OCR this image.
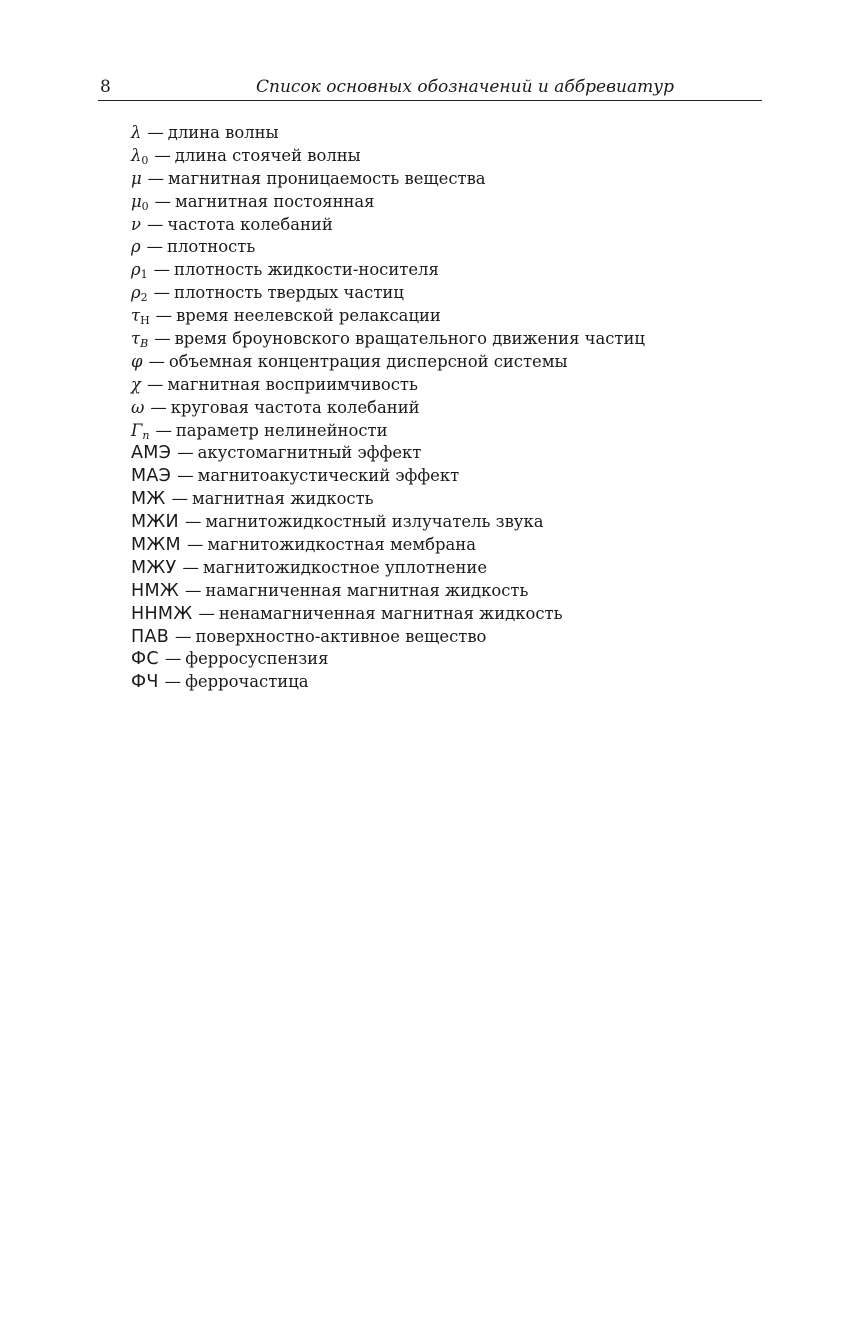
8	Список основных обозначений и аббревиатур
λ — длина волны
$\lambda_0$ — длина стоячей волны
μ — магнитная проницаемость вещества
$\mu_0$ — магнитная постоянная
ν — частота колебаний
ρ — плотность
$\rho_1$ — плотность жидкости-носителя
$\rho_2$ — плотность твердых частиц
$\tau_Н$ — время неелевской релаксации
$\tau_B$ — время броуновского вращательного движения частиц
φ — объемная концентрация дисперсной системы
χ — магнитная восприимчивость
ω — круговая частота колебаний
$\Gamma_n$ — параметр нелинейности
АМЭ — акустомагнитный эффект
МАЭ — магнитоакустический эффект
МЖ — магнитная жидкость
МЖИ — магнитожидкостный излучатель звука
МЖМ — магнитожидкостная мембрана
МЖУ — магнитожидкостное уплотнение
НМЖ — намагниченная магнитная жидкость
ННМЖ — ненамагниченная магнитная жидкость
ПАВ — поверхностно-активное вещество
ФС — ферросуспензия
ФЧ — феррочастица
